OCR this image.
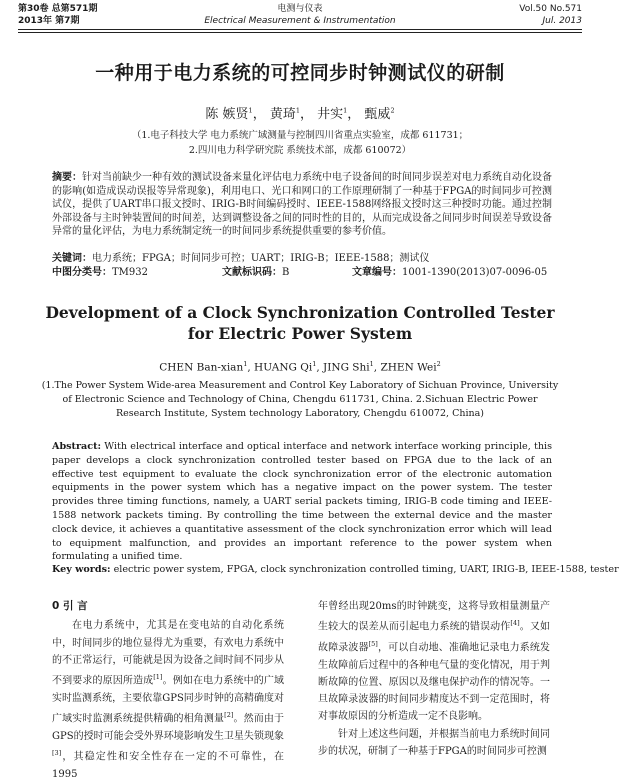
第30卷 总第571期
2013年 第7期
电测与仪表
Electrical Measurement & Instrumentation
Vol.50 No.571
Jul. 2013
一种用于电力系统的可控同步时钟测试仪的研制
陈 嫉贤$^1$， 黄琦$^1$， 井实$^1$， 甄威$^2$
（1.电子科技大学 电力系统广域测量与控制四川省重点实验室，成都 611731；
2.四川电力科学研究院 系统技术部，成都 610072）
摘要：针对当前缺少一种有效的测试设备来量化评估电力系统中电子设备间的时间同步误差对电力系统自动化设备的影响(如造成误动误报等异常现象)，利用电口、光口和网口的工作原理研制了一种基于FPGA的时间同步可控测试仪，提供了UART串口报文授时、IRIG-B时间编码授时、IEEE-1588网络报文授时这三种授时功能。通过控制外部设备与主时钟装置间的时间差，达到调整设备之间的同时性的目的，从而完成设备之间同步时间误差导致设备异常的量化评估，为电力系统制定统一的时间同步系统提供重要的参考价值。
关键词：电力系统；FPGA；时间同步可控；UART；IRIG-B；IEEE-1588；测试仪
中图分类号：TM932	文献标识码：B	文章编号：1001-1390(2013)07-0096-05
Development of a Clock Synchronization Controlled Tester for Electric Power System
CHEN Ban-xian$^1$, HUANG Qi$^1$, JING Shi$^1$, ZHEN Wei$^2$
(1.The Power System Wide-area Measurement and Control Key Laboratory of Sichuan Province, University of Electronic Science and Technology of China, Chengdu 611731, China. 2.Sichuan Electric Power Research Institute, System technology Laboratory, Chengdu 610072, China)
Abstract: With electrical interface and optical interface and network interface working principle, this paper develops a clock synchronization controlled tester based on FPGA due to the lack of an effective test equipment to evaluate the clock synchronization error of the electronic automation equipments in the power system which has a negative impact on the power system. The tester provides three timing functions, namely, a UART serial packets timing, IRIG-B code timing and IEEE-1588 network packets timing. By controlling the time between the external device and the master clock device, it achieves a quantitative assessment of the clock synchronization error which will lead to equipment malfunction, and provides an important reference to the power system when formulating a unified time.
Key words: electric power system, FPGA, clock synchronization controlled timing, UART, IRIG-B, IEEE-1588, tester
0 引 言
在电力系统中，尤其是在变电站的自动化系统中，时间同步的地位显得尤为重要，有欢电力系统中的不正常运行，可能就是因为设备之间时间不同步从不到要求的原因所造成[1]。例如在电力系统中的广域实时监测系统，主要依靠GPS同步时钟的高精确度对广域实时监测系统提供精确的相角测量[2]。然而由于GPS的授时可能会受外界环境影响发生卫星失锁现象[3]，其稳定性和安全性存在一定的不可靠性，在1995
年曾经出现20ms的时钟跳变，这将导致相量测量产生较大的误差从而引起电力系统的错误动作[4]。又如故障录波器[5]，可以自动地、准确地记录电力系统发生故障前后过程中的各种电气量的变化情况，用于判断故障的位置、原因以及继电保护动作的情况等。一旦故障录波器的时间同步精度达不到一定范围时，将对事故原因的分析造成一定不良影响。
针对上述这些问题，并根据当前电力系统时间同步的状况，研制了一种基于FPGA的时间同步可控测
